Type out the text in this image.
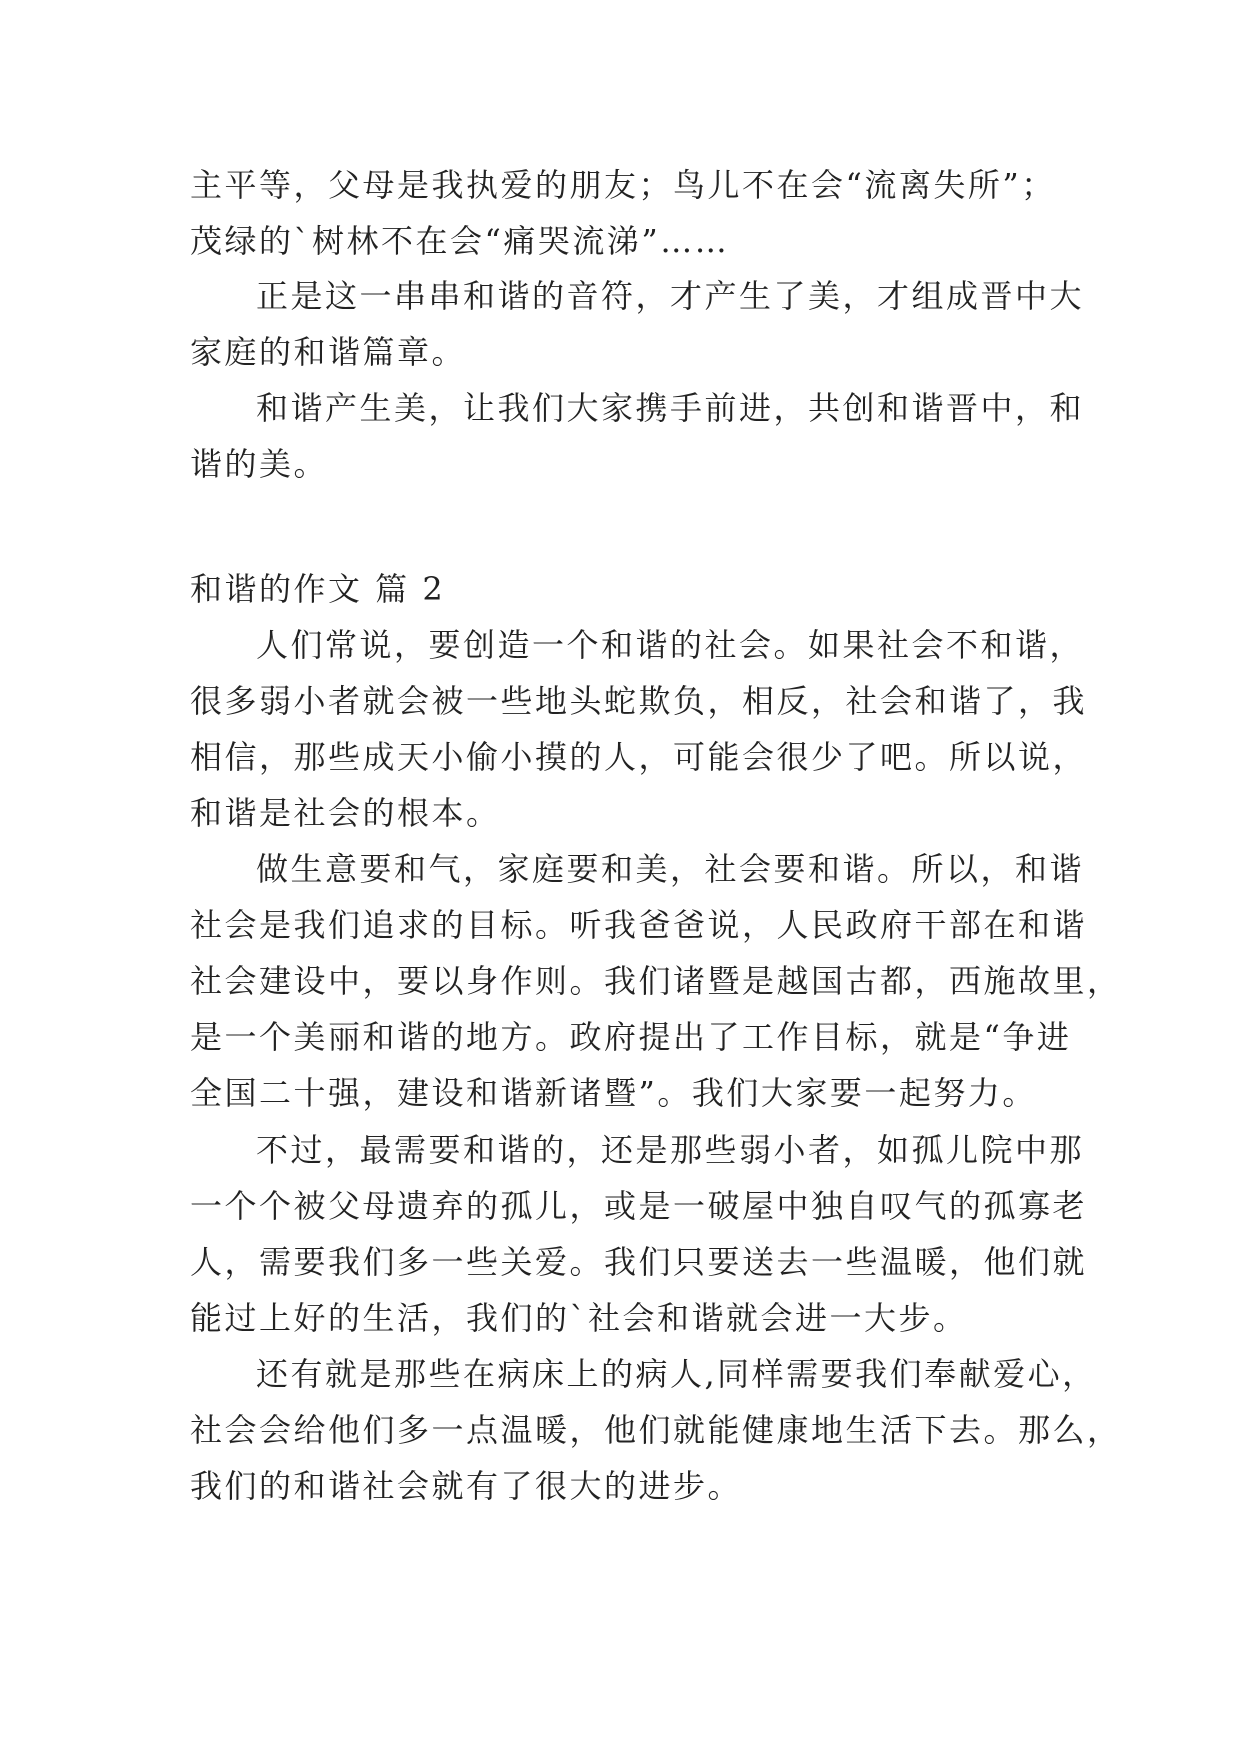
主平等，父母是我执爱的朋友；鸟儿不在会“流离失所”；
茂绿的`树林不在会“痛哭流涕”……
正是这一串串和谐的音符，才产生了美，才组成晋中大
家庭的和谐篇章。
和谐产生美，让我们大家携手前进，共创和谐晋中，和
谐的美。
和谐的作文 篇 2
人们常说，要创造一个和谐的社会。如果社会不和谐，
很多弱小者就会被一些地头蛇欺负，相反，社会和谐了，我
相信，那些成天小偷小摸的人，可能会很少了吧。所以说，
和谐是社会的根本。
做生意要和气，家庭要和美，社会要和谐。所以，和谐
社会是我们追求的目标。听我爸爸说，人民政府干部在和谐
社会建设中，要以身作则。我们诸暨是越国古都，西施故里，
是一个美丽和谐的地方。政府提出了工作目标，就是“争进
全国二十强，建设和谐新诸暨”。我们大家要一起努力。
不过，最需要和谐的，还是那些弱小者，如孤儿院中那
一个个被父母遗弃的孤儿，或是一破屋中独自叹气的孤寡老
人，需要我们多一些关爱。我们只要送去一些温暖，他们就
能过上好的生活，我们的`社会和谐就会进一大步。
还有就是那些在病床上的病人,同样需要我们奉献爱心，
社会会给他们多一点温暖，他们就能健康地生活下去。那么，
我们的和谐社会就有了很大的进步。
